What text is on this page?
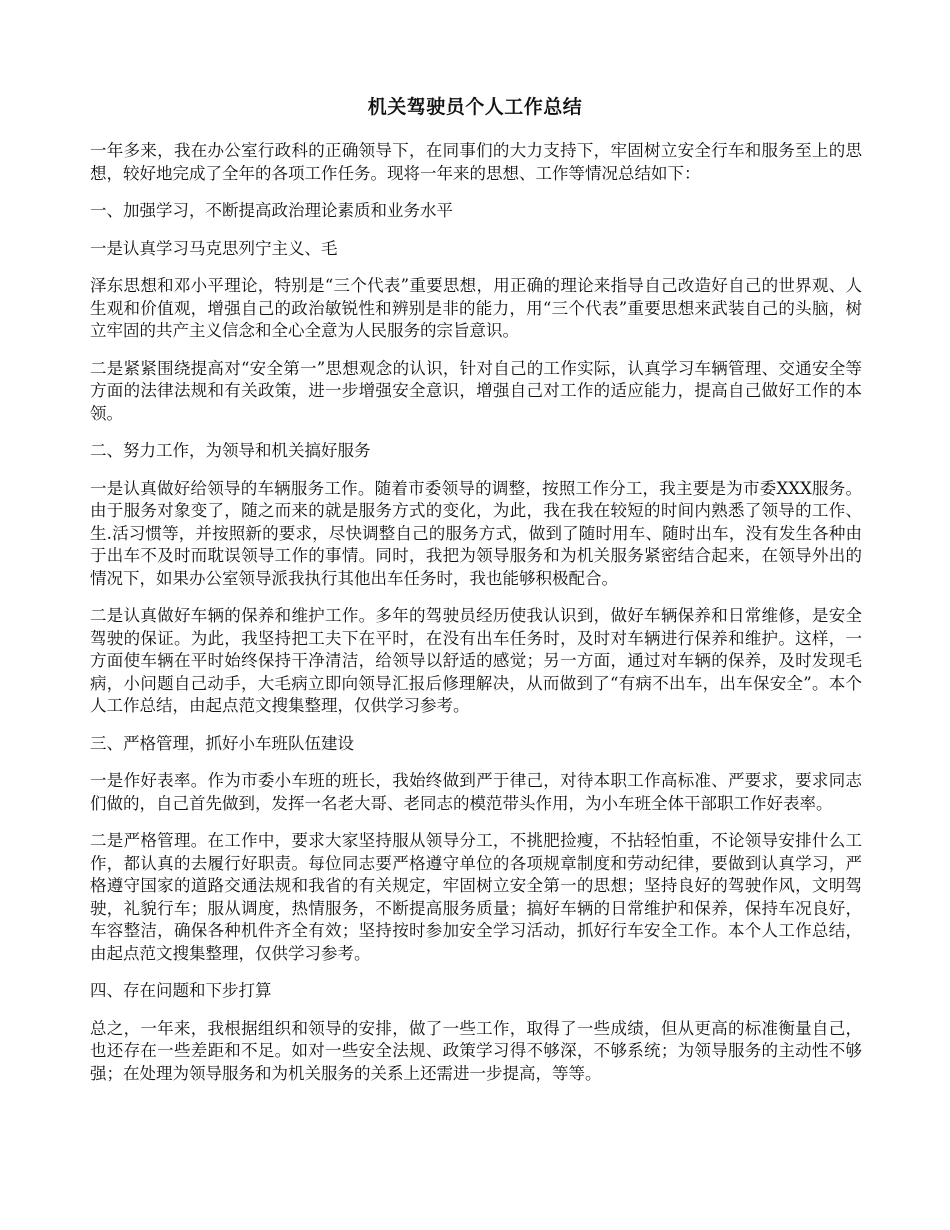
机关驾驶员个人工作总结

一年多来，我在办公室行政科的正确领导下，在同事们的大力支持下，牢固树立安全行车和服务至上的思想，较好地完成了全年的各项工作任务。现将一年来的思想、工作等情况总结如下：

一、加强学习，不断提高政治理论素质和业务水平

一是认真学习马克思列宁主义、毛

泽东思想和邓小平理论，特别是“三个代表”重要思想，用正确的理论来指导自己改造好自己的世界观、人生观和价值观，增强自己的政治敏锐性和辨别是非的能力，用“三个代表”重要思想来武装自己的头脑，树立牢固的共产主义信念和全心全意为人民服务的宗旨意识。

二是紧紧围绕提高对“安全第一”思想观念的认识，针对自己的工作实际，认真学习车辆管理、交通安全等方面的法律法规和有关政策，进一步增强安全意识，增强自己对工作的适应能力，提高自己做好工作的本领。

二、努力工作，为领导和机关搞好服务

一是认真做好给领导的车辆服务工作。随着市委领导的调整，按照工作分工，我主要是为市委XXX服务。由于服务对象变了，随之而来的就是服务方式的变化，为此，我在我在较短的时间内熟悉了领导的工作、生.活习惯等，并按照新的要求，尽快调整自己的服务方式，做到了随时用车、随时出车，没有发生各种由于出车不及时而耽误领导工作的事情。同时，我把为领导服务和为机关服务紧密结合起来，在领导外出的情况下，如果办公室领导派我执行其他出车任务时，我也能够积极配合。

二是认真做好车辆的保养和维护工作。多年的驾驶员经历使我认识到，做好车辆保养和日常维修，是安全驾驶的保证。为此，我坚持把工夫下在平时，在没有出车任务时，及时对车辆进行保养和维护。这样，一方面使车辆在平时始终保持干净清洁，给领导以舒适的感觉；另一方面，通过对车辆的保养，及时发现毛病，小问题自己动手，大毛病立即向领导汇报后修理解决，从而做到了“有病不出车，出车保安全”。本个人工作总结，由起点范文搜集整理，仅供学习参考。

三、严格管理，抓好小车班队伍建设

一是作好表率。作为市委小车班的班长，我始终做到严于律己，对待本职工作高标准、严要求，要求同志们做的，自己首先做到，发挥一名老大哥、老同志的模范带头作用，为小车班全体干部职工作好表率。

二是严格管理。在工作中，要求大家坚持服从领导分工，不挑肥捡瘦，不拈轻怕重，不论领导安排什么工作，都认真的去履行好职责。每位同志要严格遵守单位的各项规章制度和劳动纪律，要做到认真学习，严格遵守国家的道路交通法规和我省的有关规定，牢固树立安全第一的思想；坚持良好的驾驶作风，文明驾驶，礼貌行车；服从调度，热情服务，不断提高服务质量；搞好车辆的日常维护和保养，保持车况良好，车容整洁，确保各种机件齐全有效；坚持按时参加安全学习活动，抓好行车安全工作。本个人工作总结，由起点范文搜集整理，仅供学习参考。

四、存在问题和下步打算

总之，一年来，我根据组织和领导的安排，做了一些工作，取得了一些成绩，但从更高的标准衡量自己，也还存在一些差距和不足。如对一些安全法规、政策学习得不够深，不够系统；为领导服务的主动性不够强；在处理为领导服务和为机关服务的关系上还需进一步提高，等等。
